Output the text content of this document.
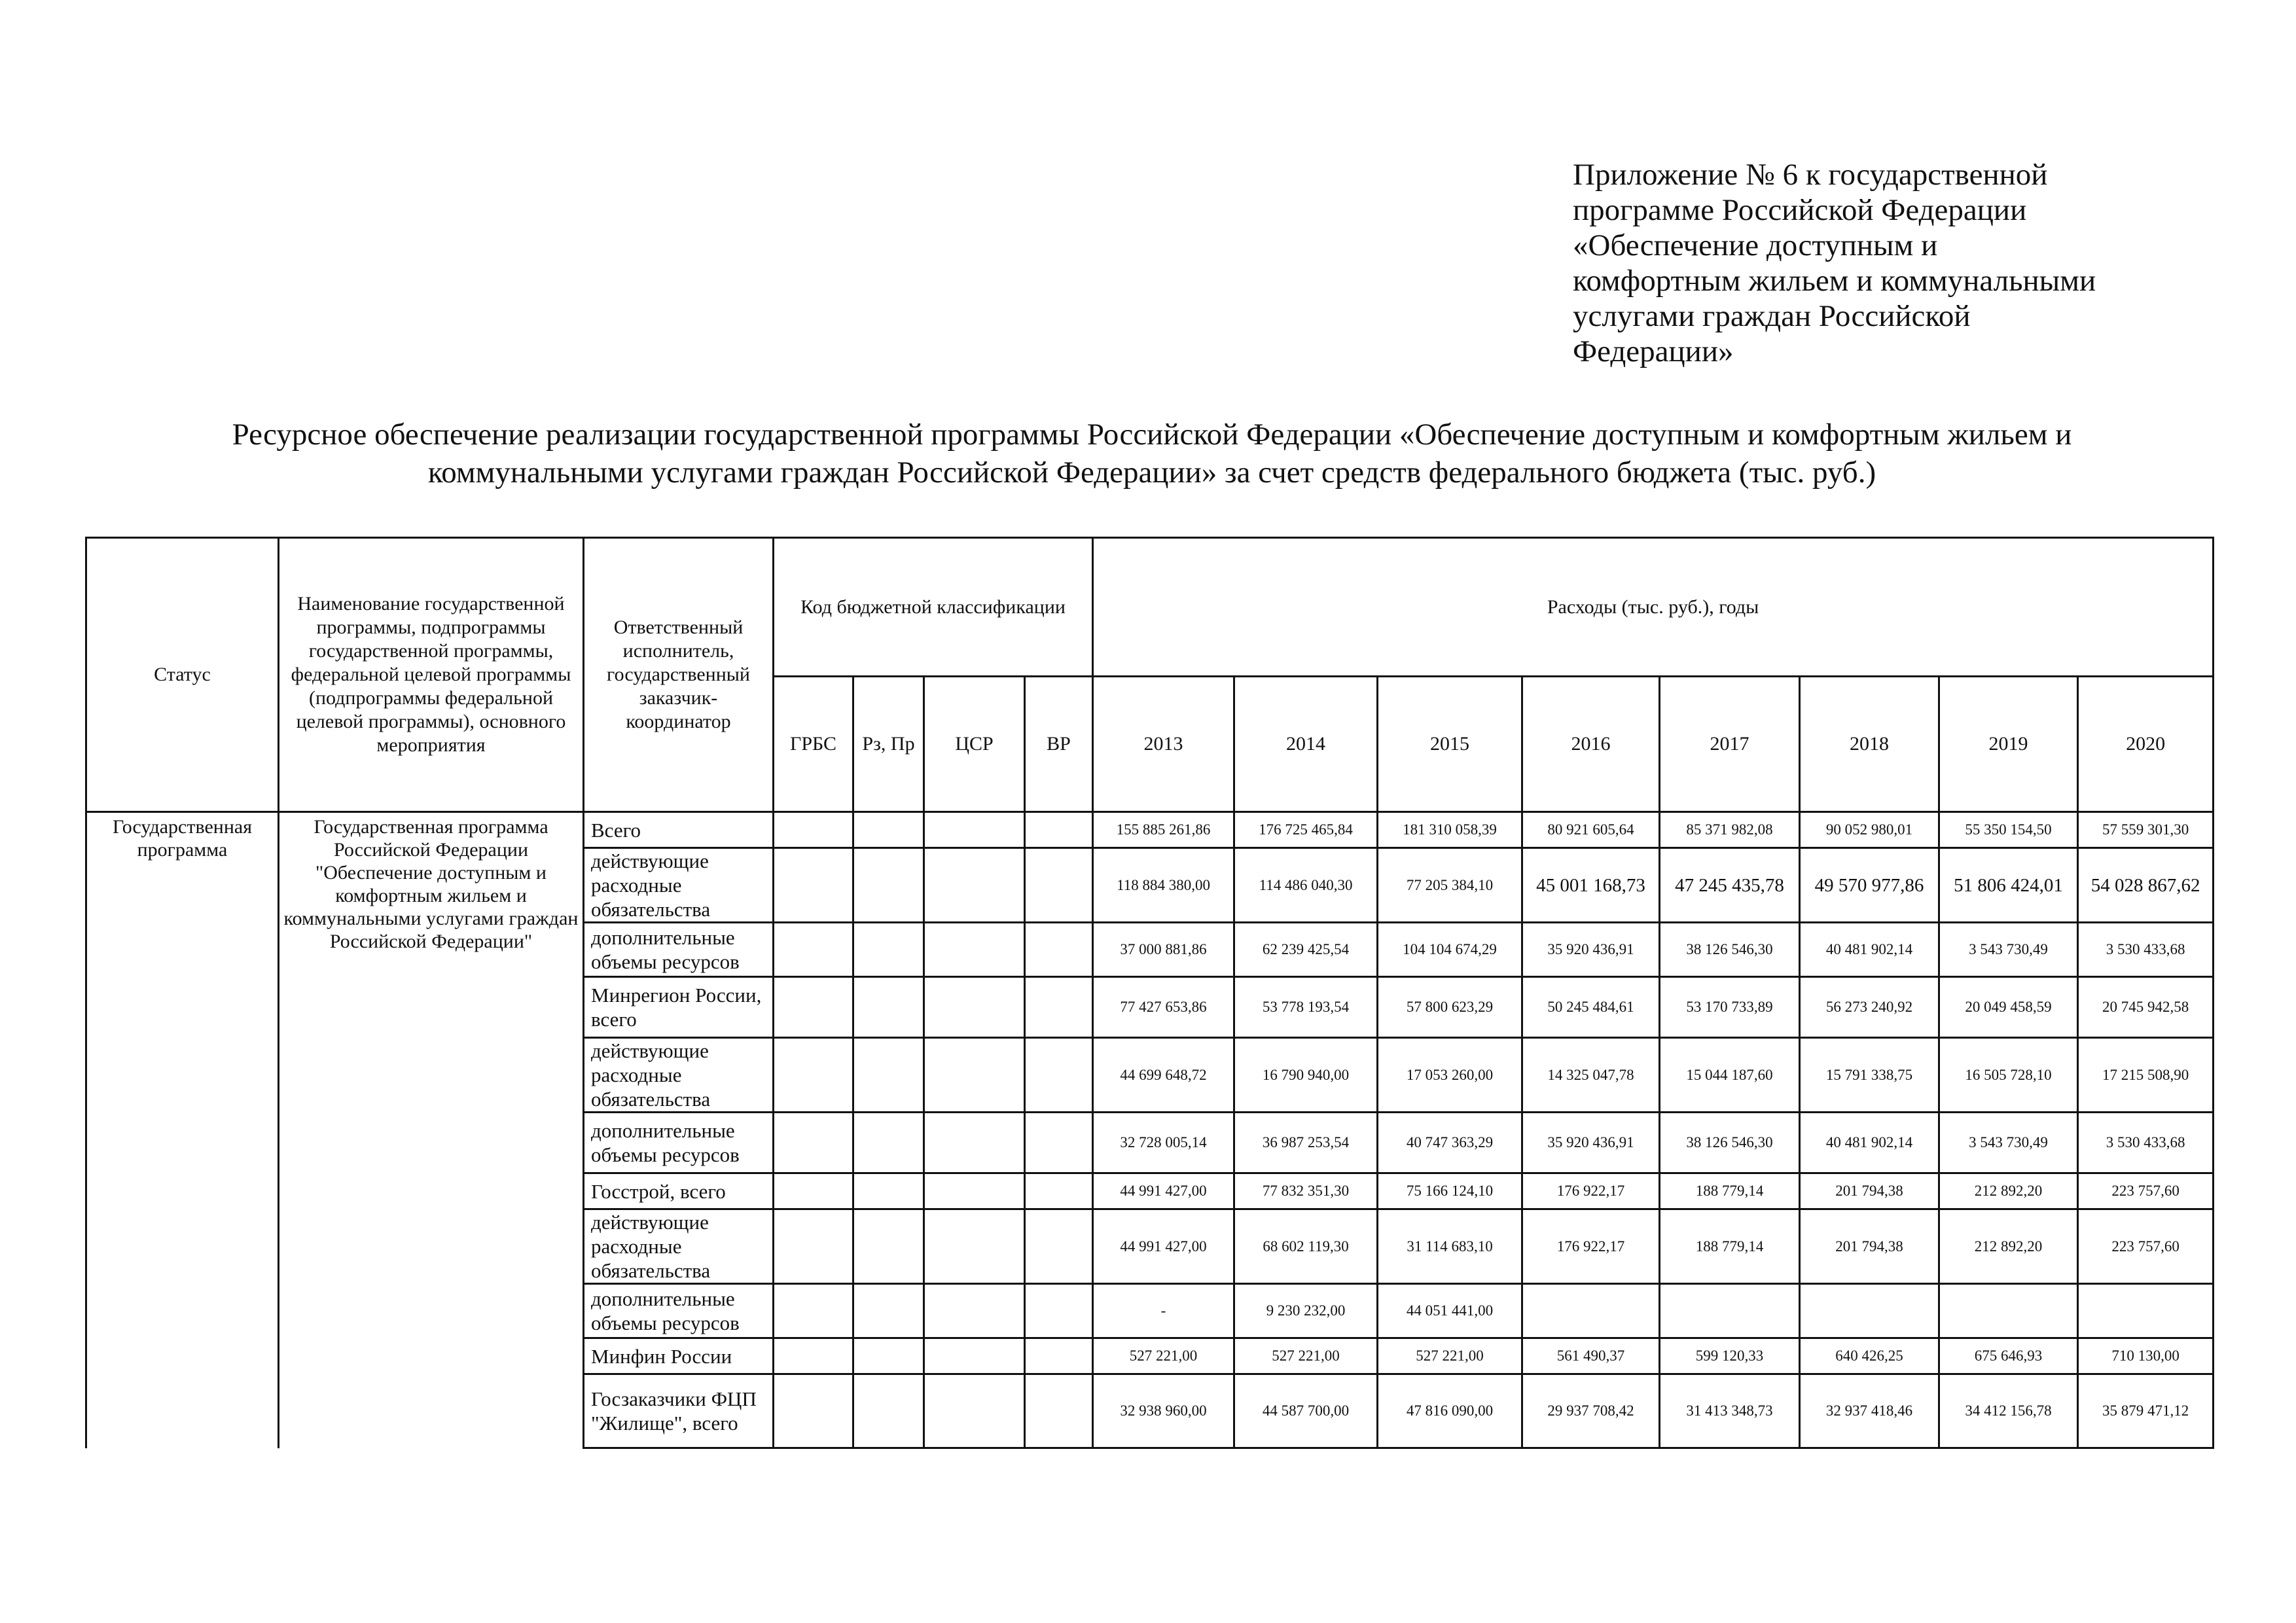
Приложение № 6 к государственной
программе Российской Федерации
«Обеспечение доступным и
комфортным жильем и коммунальными
услугами граждан Российской
Федерации»
Ресурсное обеспечение реализации государственной программы Российской Федерации «Обеспечение доступным и комфортным жильем и
коммунальными услугами граждан Российской Федерации» за счет средств федерального бюджета (тыс. руб.)
Статус	Наименование государственной программы, подпрограммы государственной программы, федеральной целевой программы (подпрограммы федеральной целевой программы), основного мероприятия	Ответственный исполнитель, государственный заказчик-координатор	Код бюджетной классификации				Расходы (тыс. руб.), годы							
			ГРБС	Рз, Пр	ЦСР	ВР	2013	2014	2015	2016	2017	2018	2019	2020
Государственная программа	Государственная программа Российской Федерации "Обеспечение доступным и комфортным жильем и коммунальными услугами граждан Российской Федерации"	Всего					155 885 261,86	176 725 465,84	181 310 058,39	80 921 605,64	85 371 982,08	90 052 980,01	55 350 154,50	57 559 301,30
		действующие расходные обязательства					118 884 380,00	114 486 040,30	77 205 384,10	45 001 168,73	47 245 435,78	49 570 977,86	51 806 424,01	54 028 867,62
		дополнительные объемы ресурсов					37 000 881,86	62 239 425,54	104 104 674,29	35 920 436,91	38 126 546,30	40 481 902,14	3 543 730,49	3 530 433,68
		Минрегион России, всего					77 427 653,86	53 778 193,54	57 800 623,29	50 245 484,61	53 170 733,89	56 273 240,92	20 049 458,59	20 745 942,58
		действующие расходные обязательства					44 699 648,72	16 790 940,00	17 053 260,00	14 325 047,78	15 044 187,60	15 791 338,75	16 505 728,10	17 215 508,90
		дополнительные объемы ресурсов					32 728 005,14	36 987 253,54	40 747 363,29	35 920 436,91	38 126 546,30	40 481 902,14	3 543 730,49	3 530 433,68
		Госстрой, всего					44 991 427,00	77 832 351,30	75 166 124,10	176 922,17	188 779,14	201 794,38	212 892,20	223 757,60
		действующие расходные обязательства					44 991 427,00	68 602 119,30	31 114 683,10	176 922,17	188 779,14	201 794,38	212 892,20	223 757,60
		дополнительные объемы ресурсов					-	9 230 232,00	44 051 441,00					
		Минфин России					527 221,00	527 221,00	527 221,00	561 490,37	599 120,33	640 426,25	675 646,93	710 130,00
		Госзаказчики ФЦП "Жилище", всего					32 938 960,00	44 587 700,00	47 816 090,00	29 937 708,42	31 413 348,73	32 937 418,46	34 412 156,78	35 879 471,12
